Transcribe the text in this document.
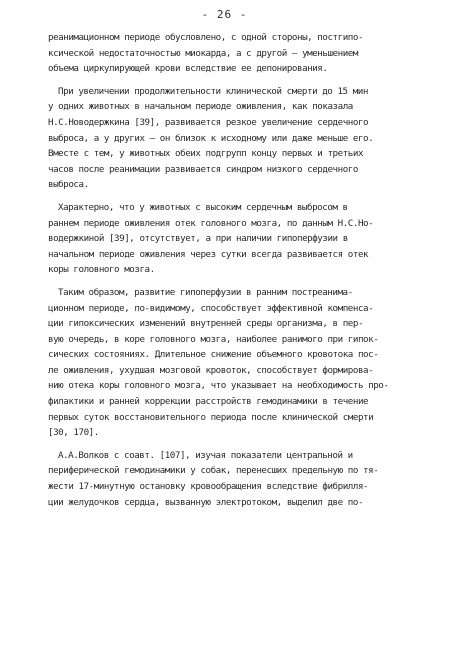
- 26 -
реанимационном периоде обусловлено, с одной стороны, постгипо-
ксической недостаточностью миокарда, а с другой – уменьшением
объема циркулирующей крови вследствие ее депонирования.
При увеличении продолжительности клинической смерти до 15 мин
у одних животных в начальном периоде оживления, как показала
Н.С.Новодержкина [39], развивается резкое увеличение сердечного
выброса, а у других – он близок к исходному или даже меньше его.
Вместе с тем, у животных обеих подгрупп концу первых и третьих
часов после реанимации развивается синдром низкого сердечного
выброса.
Характерно, что у животных с высоким сердечным выбросом в
раннем периоде оживления отек головного мозга, по данным Н.С.Но-
водержкиной [39], отсутствует, а при наличии гипоперфузии в
начальном периоде оживления через сутки всегда развивается отек
коры головного мозга.
Таким образом, развитие гипоперфузии в ранним постреанима-
ционном периоде, по-видимому, способствует эффективной компенса-
ции гипоксических изменений внутренней среды организма, в пер-
вую очередь, в коре головного мозга, наиболее ранимого при гипок-
сических состояниях. Длительное снижение объемного кровотока пос-
ле оживления, ухудшая мозговой кровоток, способствует формирова-
нию отека коры головного мозга, что указывает на необходимость про-
филактики и ранней коррекции расстройств гемодинамики в течение
первых суток восстановительного периода после клинической смерти
[30, 170].
А.А.Волков с соавт. [107], изучая показатели центральной и
периферической гемодинамики у собак, перенесших предельную по тя-
жести 17-минутную остановку кровообращения вследствие фибрилля-
ции желудочков сердца, вызванную электротоком, выделил две по-
